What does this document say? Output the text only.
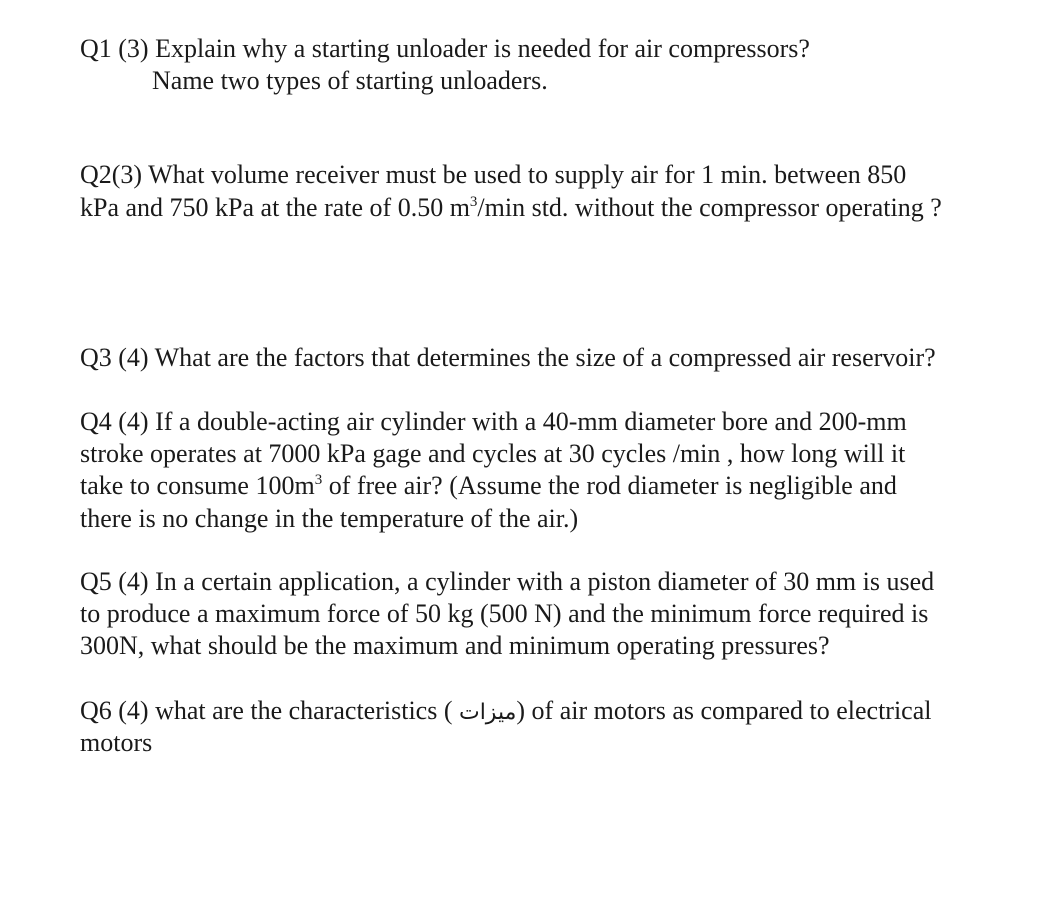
Q1 (3) Explain why a starting unloader is needed for air compressors?
Name two types of starting unloaders.
Q2(3) What volume receiver must be used to supply air for 1 min. between 850
kPa and 750 kPa at the rate of 0.50 $m^3/\min$ std. without the compressor operating ?
Q3 (4) What are the factors that determines the size of a compressed air reservoir?
Q4 (4) If a double-acting air cylinder with a 40-mm diameter bore and 200-mm
stroke operates at 7000 kPa gage and cycles at 30 cycles /min , how long will it
take to consume $100m^3$ of free air? (Assume the rod diameter is negligible and
there is no change in the temperature of the air.)
Q5 (4) In a certain application, a cylinder with a piston diameter of 30 mm is used
to produce a maximum force of 50 kg (500 N) and the minimum force required is
300N, what should be the maximum and minimum operating pressures?
Q6 (4) what are the characteristics ( ميزات) of air motors as compared to electrical
motors
